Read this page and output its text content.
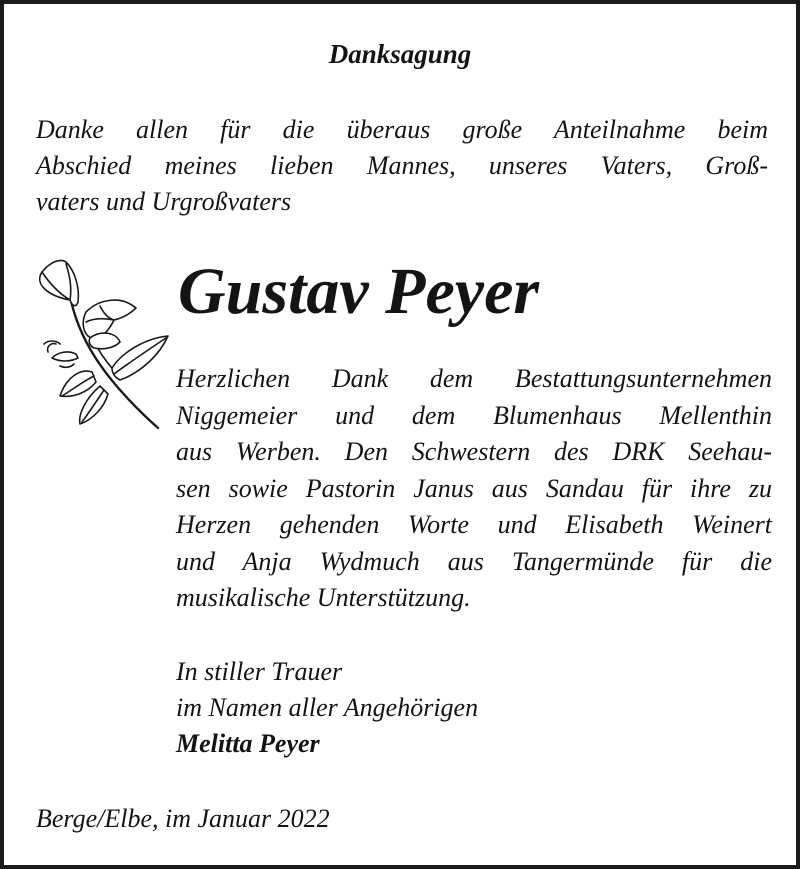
Danksagung
Danke allen für die überaus große Anteilnahme beim
Abschied meines lieben Mannes, unseres Vaters, Groß-
vaters und Urgroßvaters
Gustav Peyer
Herzlichen Dank dem Bestattungsunternehmen
Niggemeier und dem Blumenhaus Mellenthin
aus Werben. Den Schwestern des DRK Seehau-
sen sowie Pastorin Janus aus Sandau für ihre zu
Herzen gehenden Worte und Elisabeth Weinert
und Anja Wydmuch aus Tangermünde für die
musikalische Unterstützung.
In stiller Trauer
im Namen aller Angehörigen
Melitta Peyer
Berge/Elbe, im Januar 2022
